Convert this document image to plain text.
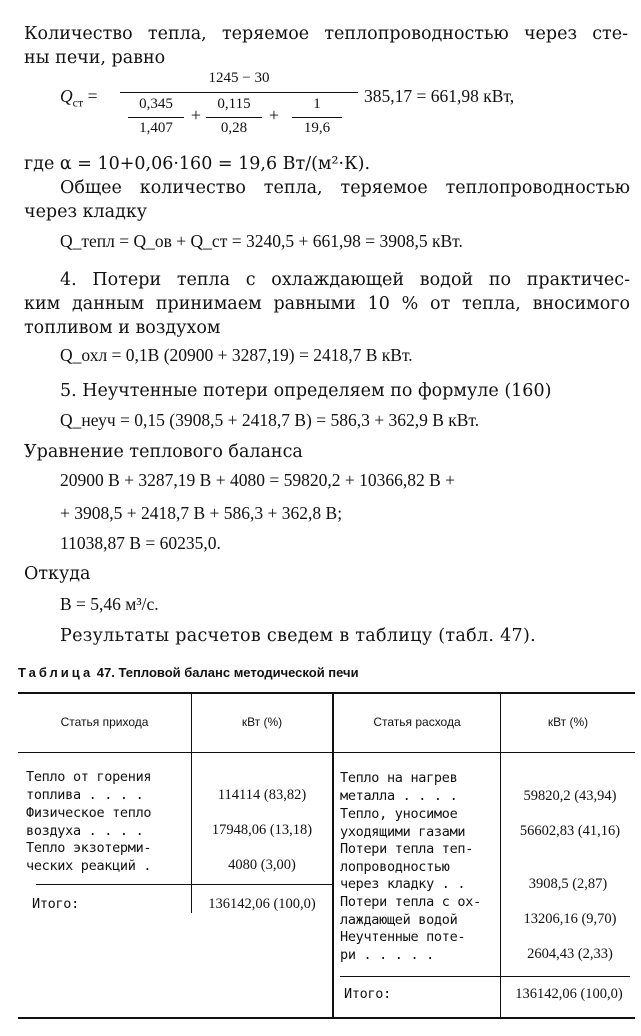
Количество тепла, теряемое теплопроводностью через сте-
ны печи, равно
$Q_{ст}$ =
1245 − 30
0,345
1,407
+
0,115
0,28
+
1
19,6
385,17 = 661,98 кВт,
где α = 10+0,06·160 = 19,6 Вт/(м²·К).
Общее количество тепла, теряемое теплопроводностью
через кладку
Q_тепл = Q_ов + Q_ст = 3240,5 + 661,98 = 3908,5 кВт.
4. Потери тепла с охлаждающей водой по практичес-
ким данным принимаем равными 10 % от тепла, вносимого
топливом и воздухом
Q_охл = 0,1B (20900 + 3287,19) = 2418,7 B кВт.
5. Неучтенные потери определяем по формуле (160)
Q_неуч = 0,15 (3908,5 + 2418,7 B) = 586,3 + 362,9 B кВт.
Уравнение теплового баланса
20900 B + 3287,19 B + 4080 = 59820,2 + 10366,82 B +
+ 3908,5 + 2418,7 B + 586,3 + 362,8 B;
11038,87 B = 60235,0.
Откуда
B = 5,46 м³/с.
Результаты расчетов сведем в таблицу (табл. 47).
Таблица 47. Тепловой баланс методической печи
Статья прихода	кВт (%)	Статья расхода	кВт (%)
Тепло от горения
топлива . . . .	114114 (83,82)
Физическое тепло
воздуха . . . .	17948,06 (13,18)
Тепло экзотерми-
ческих реакций .	4080 (3,00)
Итого:	136142,06 (100,0)
Тепло на нагрев
металла . . . .	59820,2 (43,94)
Тепло, уносимое
уходящими газами	56602,83 (41,16)
Потери тепла теп-
лопроводностью
через кладку . .	3908,5 (2,87)
Потери тепла с ох-
лаждающей водой	13206,16 (9,70)
Неучтенные поте-
ри . . . . .	2604,43 (2,33)
Итого:	136142,06 (100,0)
